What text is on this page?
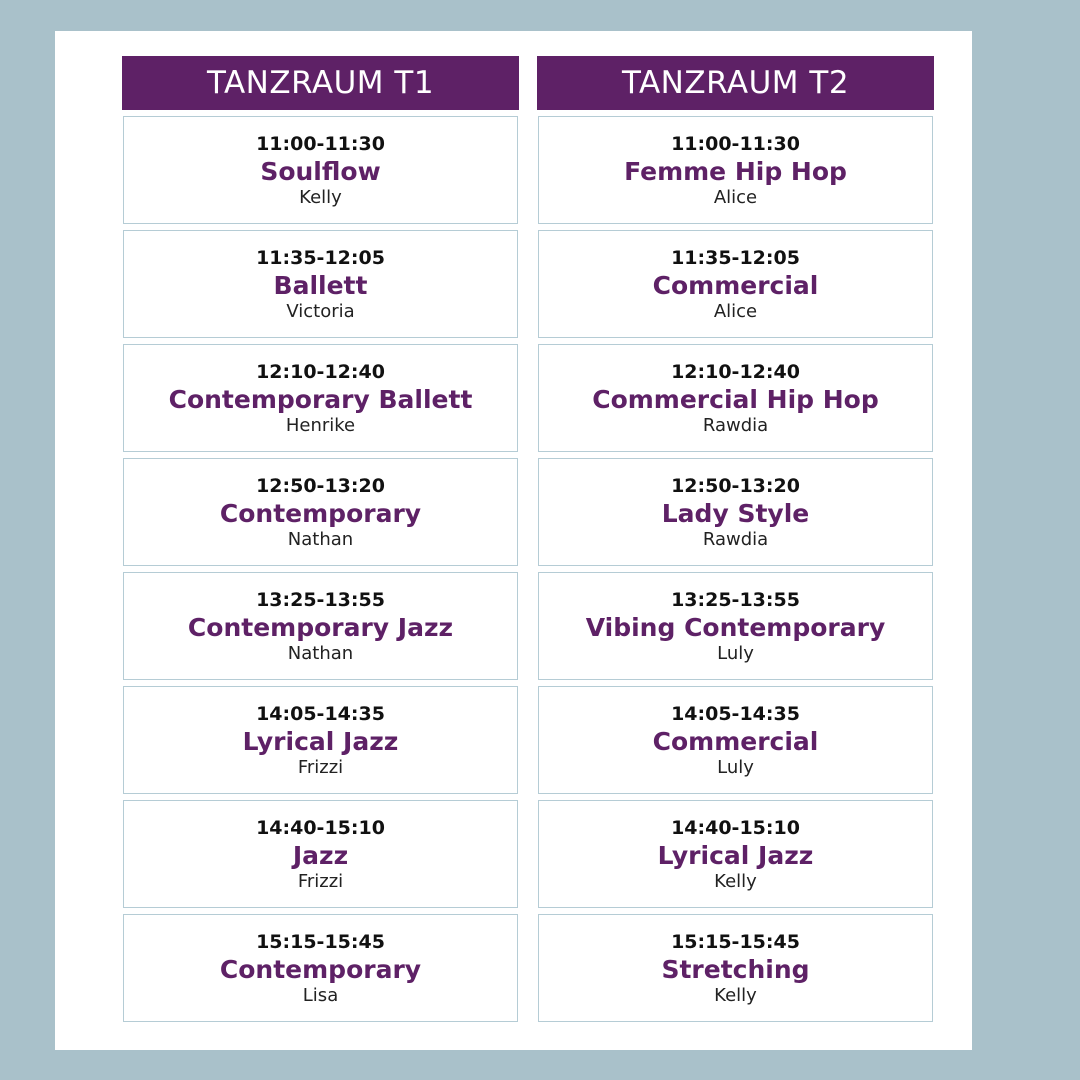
TANZRAUM T1
11:00-11:30
Soulflow
Kelly
11:35-12:05
Ballett
Victoria
12:10-12:40
Contemporary Ballett
Henrike
12:50-13:20
Contemporary
Nathan
13:25-13:55
Contemporary Jazz
Nathan
14:05-14:35
Lyrical Jazz
Frizzi
14:40-15:10
Jazz
Frizzi
15:15-15:45
Contemporary
Lisa
TANZRAUM T2
11:00-11:30
Femme Hip Hop
Alice
11:35-12:05
Commercial
Alice
12:10-12:40
Commercial Hip Hop
Rawdia
12:50-13:20
Lady Style
Rawdia
13:25-13:55
Vibing Contemporary
Luly
14:05-14:35
Commercial
Luly
14:40-15:10
Lyrical Jazz
Kelly
15:15-15:45
Stretching
Kelly
